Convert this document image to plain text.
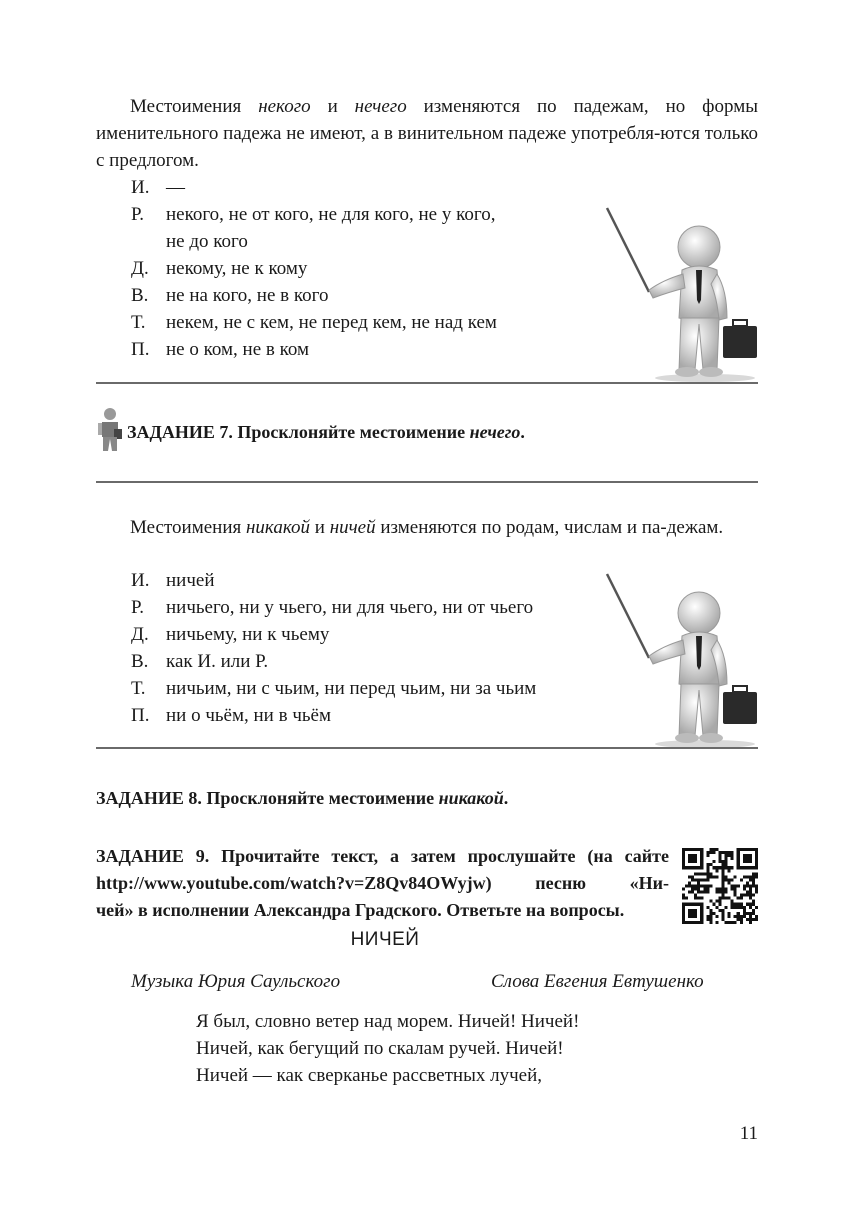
Местоимения некого и нечего изменяются по падежам, но формы именительного падежа не имеют, а в винительном падеже употребля-ются только с предлогом.
И. —
Р.	некого, не от кого, не для кого, не у кого,
не до кого
Д. некому, не к кому
В. не на кого, не в кого
Т.	некем, не с кем, не перед кем, не над кем
П. не о ком, не в ком
ЗАДАНИЕ 7. Просклоняйте местоимение нечего.
Местоимения никакой и ничей изменяются по родам, числам и па-дежам.
И. ничей
Р.	ничьего, ни у чьего, ни для чьего, ни от чьего
Д. ничьему, ни к чьему
В. как И. или Р.
Т.	ничьим, ни с чьим, ни перед чьим, ни за чьим
П. ни о чьём, ни в чьём
ЗАДАНИЕ 8. Просклоняйте местоимение никакой.
ЗАДАНИЕ 9. Прочитайте текст, а затем прослушайте (на сайте
http://www.youtube.com/watch?v=Z8Qv84OWyjw) песню «Ни-
чей» в исполнении Александра Градского. Ответьте на вопросы.
НИЧЕЙ
Музыка Юрия Саульского	Слова Евгения Евтушенко
Я был, словно ветер над морем. Ничей! Ничей!
Ничей, как бегущий по скалам ручей. Ничей!
Ничей — как сверканье рассветных лучей,
11
